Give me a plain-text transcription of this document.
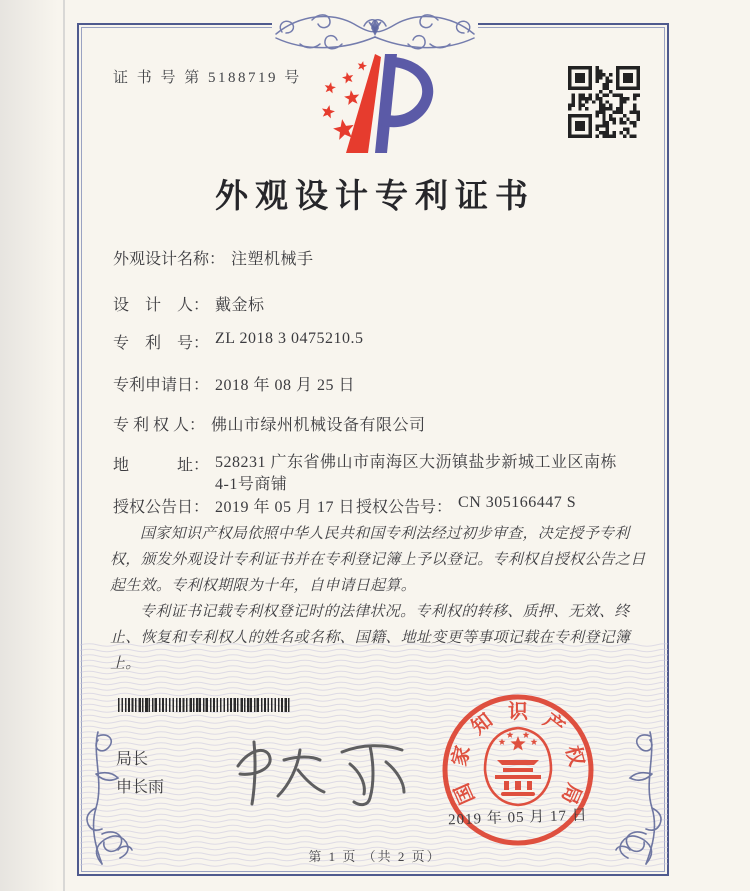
证 书 号 第 5188719 号
外观设计专利证书
外观设计名称： 注塑机械手
设　计　人： 戴金标
专　利　号： ZL 2018 3 0475210.5
专利申请日： 2018 年 08 月 25 日
专 利 权 人： 佛山市绿州机械设备有限公司
地　　　址： 528231 广东省佛山市南海区大沥镇盐步新城工业区南栋4-1号商铺
授权公告日： 2019 年 05 月 17 日 授权公告号： CN 305166447 S

国家知识产权局依照中华人民共和国专利法经过初步审查，决定授予专利权，颁发外观设计专利证书并在专利登记簿上予以登记。专利权自授权公告之日起生效。专利权期限为十年，自申请日起算。

专利证书记载专利权登记时的法律状况。专利权的转移、质押、无效、终止、恢复和专利权人的姓名或名称、国籍、地址变更等事项记载在专利登记簿上。

局长
申长雨	国
家
知 识 产
权
局
2019 年 05 月 17 日
第 1 页 （共 2 页）
